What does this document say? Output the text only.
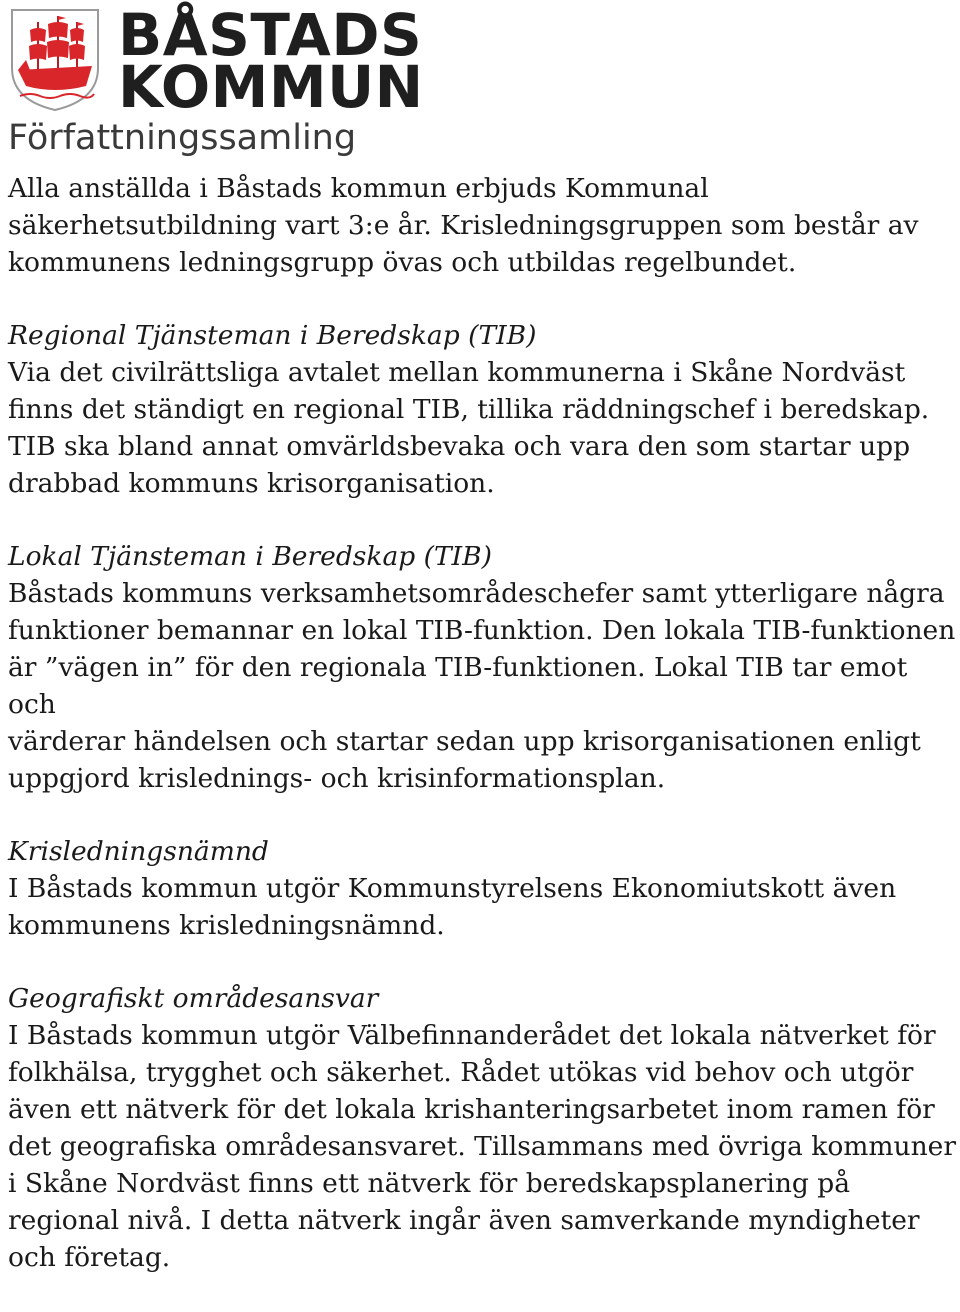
BÅSTADS
KOMMUN
Författningssamling

Alla anställda i Båstads kommun erbjuds Kommunal
säkerhetsutbildning vart 3:e år. Krisledningsgruppen som består av
kommunens ledningsgrupp övas och utbildas regelbundet.

Regional Tjänsteman i Beredskap (TIB)

Via det civilrättsliga avtalet mellan kommunerna i Skåne Nordväst
finns det ständigt en regional TIB, tillika räddningschef i beredskap.
TIB ska bland annat omvärldsbevaka och vara den som startar upp
drabbad kommuns krisorganisation.

Lokal Tjänsteman i Beredskap (TIB)

Båstads kommuns verksamhetsområdeschefer samt ytterligare några
funktioner bemannar en lokal TIB-funktion. Den lokala TIB-funktionen
är ”vägen in” för den regionala TIB-funktionen. Lokal TIB tar emot och
värderar händelsen och startar sedan upp krisorganisationen enligt
uppgjord krislednings- och krisinformationsplan.

Krisledningsnämnd

I Båstads kommun utgör Kommunstyrelsens Ekonomiutskott även
kommunens krisledningsnämnd.

Geografiskt områdesansvar

I Båstads kommun utgör Välbefinnanderådet det lokala nätverket för
folkhälsa, trygghet och säkerhet. Rådet utökas vid behov och utgör
även ett nätverk för det lokala krishanteringsarbetet inom ramen för
det geografiska områdesansvaret. Tillsammans med övriga kommuner
i Skåne Nordväst finns ett nätverk för beredskapsplanering på
regional nivå. I detta nätverk ingår även samverkande myndigheter
och företag.
